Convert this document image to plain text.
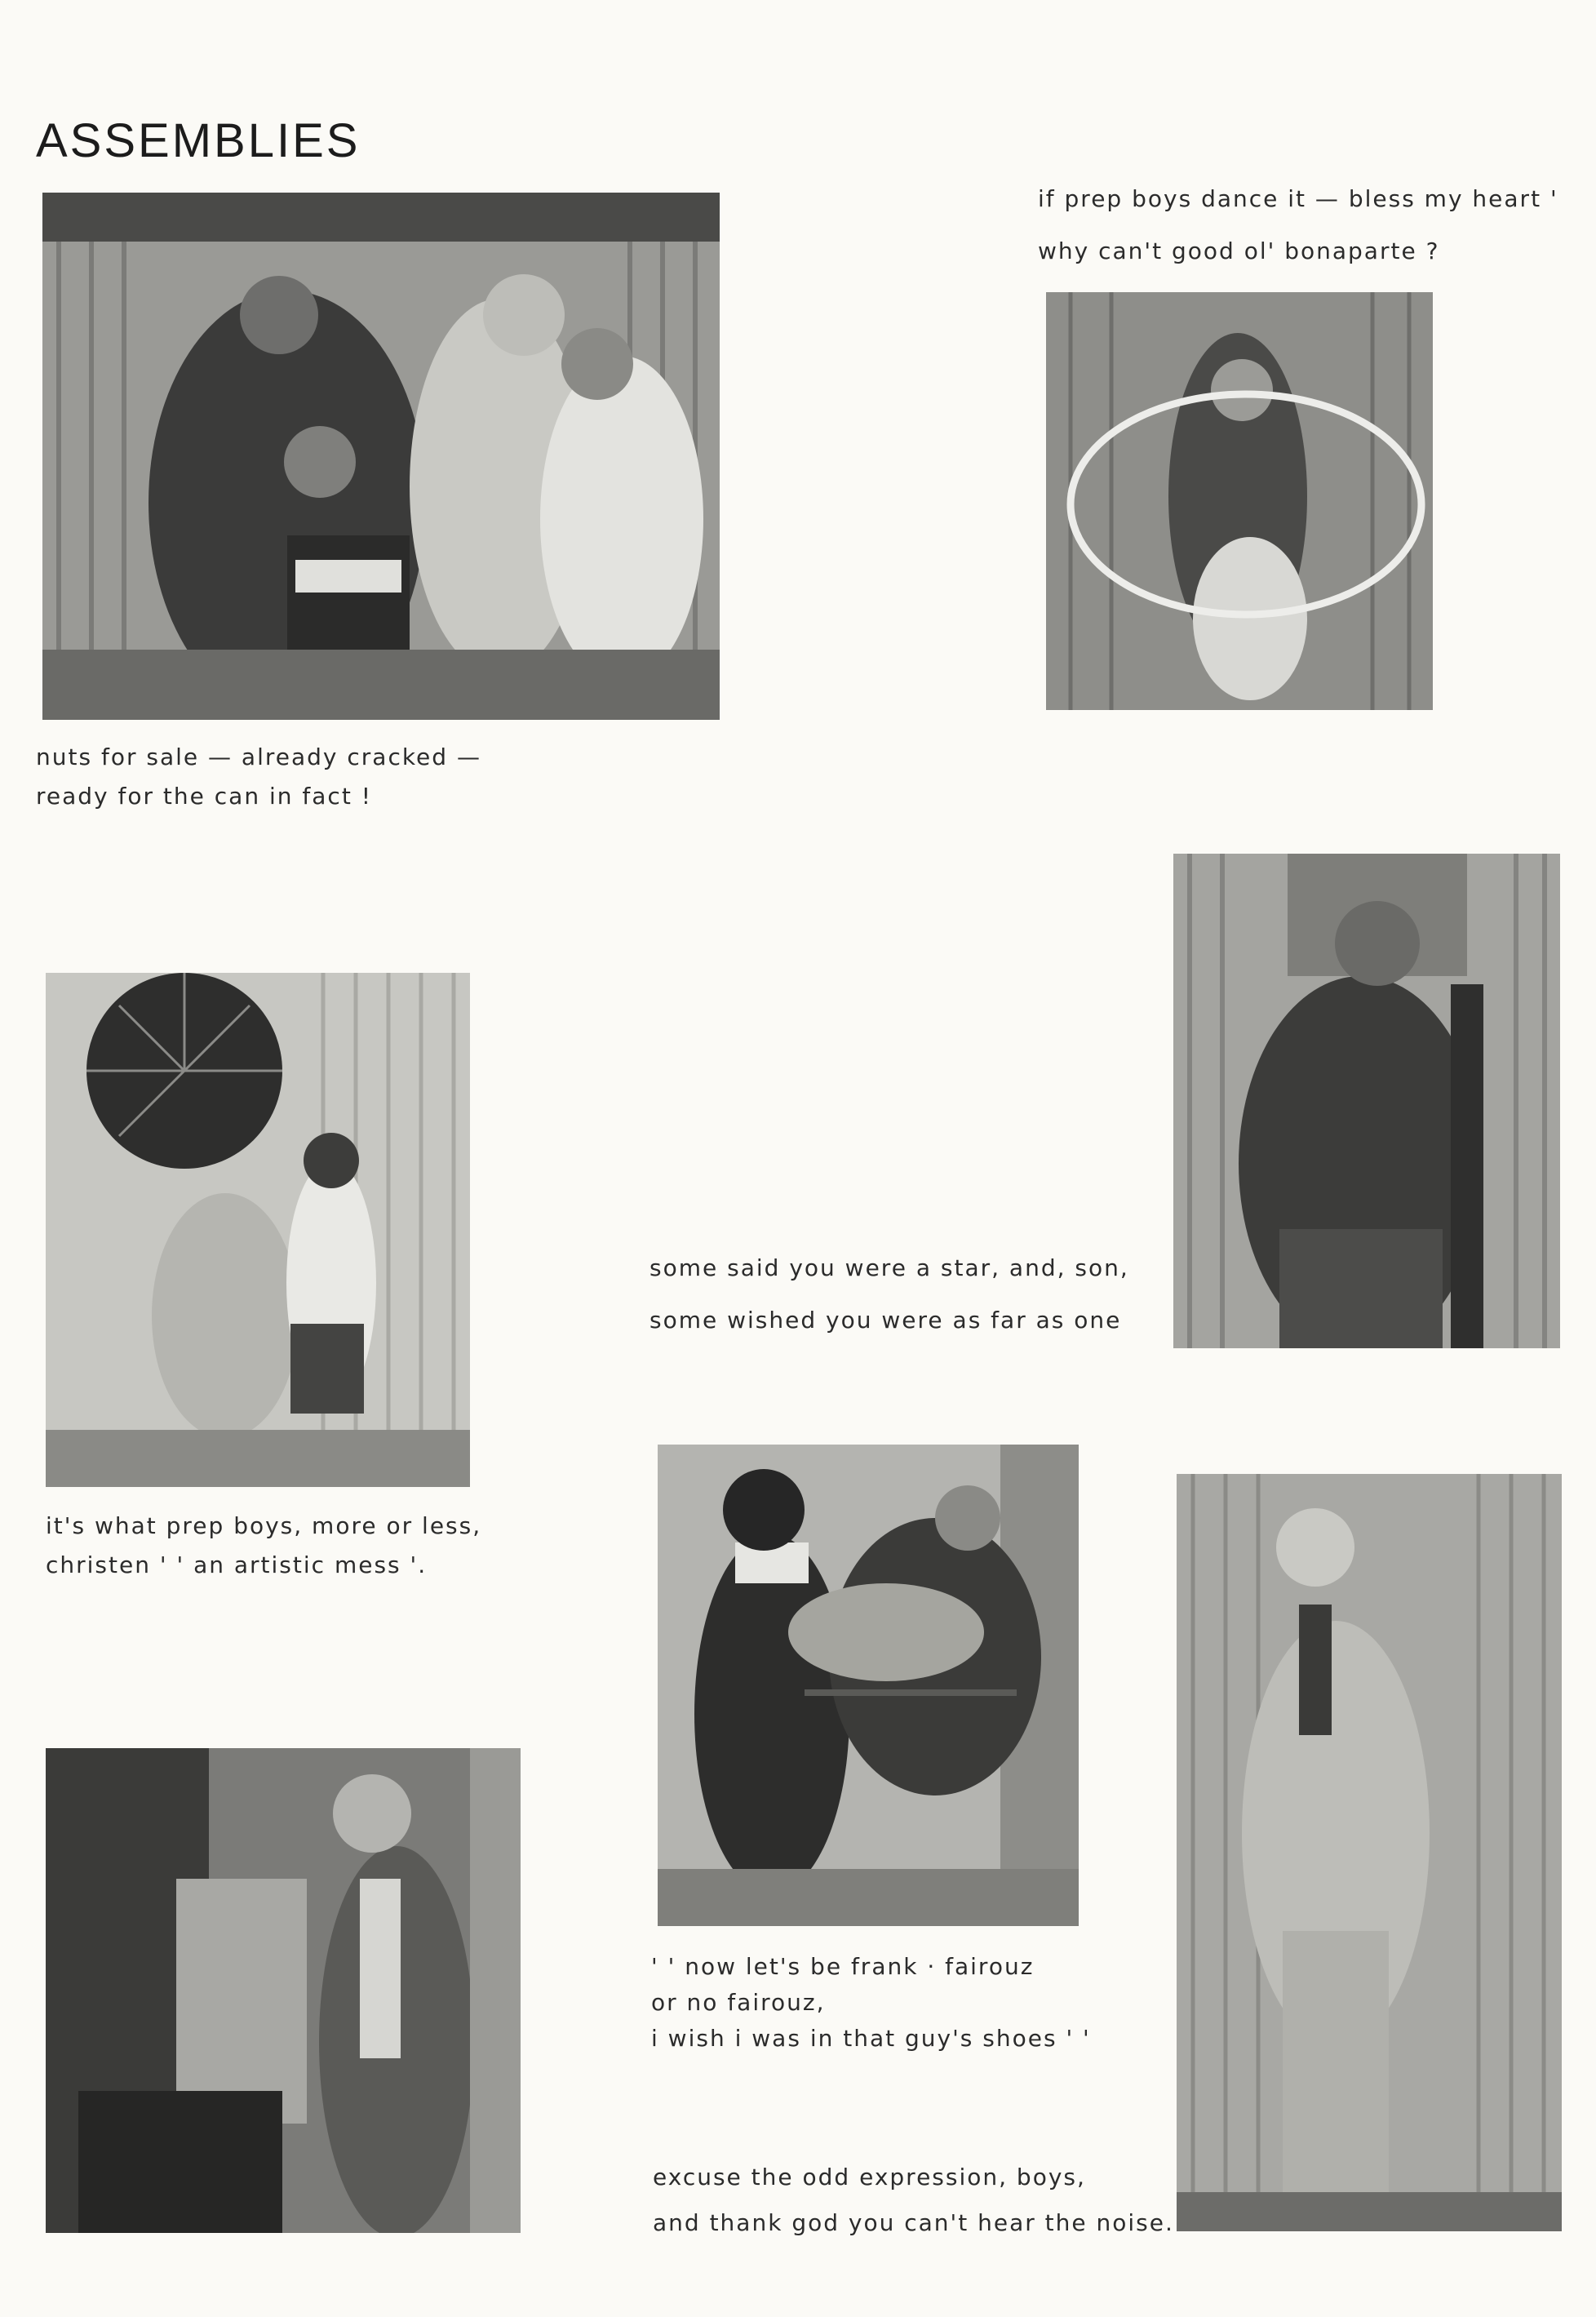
ASSEMBLIES
nuts for sale — already cracked —
ready for the can in fact !
if prep boys dance it — bless my heart '
why can't good ol' bonaparte ?
some said you were a star, and, son,
some wished you were as far as one
it's what prep boys, more or less,
christen ' ' an artistic mess '.
' ' now let's be frank · fairouz
or no fairouz,
i wish i was in that guy's shoes ' '
excuse the odd expression, boys,
and thank god you can't hear the noise.
